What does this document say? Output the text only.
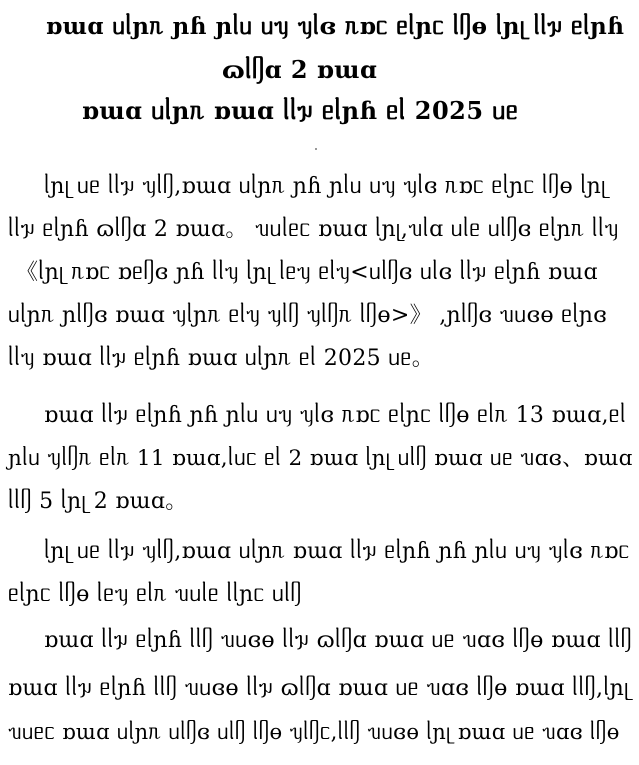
ɒɯɑ ᥙᥣɲᥰ ɲɦ ɲᥣᥙ ᥙᥡ ᥡᥣɞ ᥰɒᥴ ᥱᥣɲᥴ ᥣᥦɵ ᥣɲᥨ ᥣᥣᥭ ᥱᥣɲɦ
ɷᥣᥦɑ 2 ɒɯɑ
ɒɯɑ ᥙᥣɲᥰ ɒɯɑ ᥣᥣᥭ ᥱᥣɲɦ ᥱᥣ 2025 ᥙᥱ
ᥣɲᥨ ᥙᥱ ᥣᥣᥭ ᥡᥣᥦ,ɒɯɑ ᥙᥣɲᥰ ɲɦ ɲᥣᥙ ᥙᥡ ᥡᥣɞ ᥰɒᥴ ᥱᥣɲᥴ ᥣᥦɵ ᥣɲᥨ
ᥣᥣᥭ ᥱᥣɲɦ ɷᥣᥦɑ 2 ɒɯɑ。 ᥔᥙᥣᥱᥴ ɒɯɑ ᥣɲᥨ,ᥔᥣɑ ᥙᥣᥱ ᥙᥣᥦɞ ᥱᥣɲᥰ ᥣᥣᥡ
《ᥣɲᥨ ᥰɒᥴ ɒᥱᥦɞ ɲɦ ᥣᥣᥡ ᥣɲᥨ ᥣᥱᥡ ᥱᥣᥡ<ᥙᥣᥦɞ ᥙᥣɞ ᥣᥣᥭ ᥱᥣɲɦ ɒɯɑ
ᥙᥣɲᥰ ɲᥣᥦɞ ɒɯɑ ᥡᥣɲᥰ ᥱᥣᥡ ᥡᥣᥦ ᥡᥣᥦᥰ ᥣᥦɵ>》 ,ɲᥣᥦɞ ᥔᥙɞɵ ᥱᥣɲɞ
ᥣᥣᥡ ɒɯɑ ᥣᥣᥭ ᥱᥣɲɦ ɒɯɑ ᥙᥣɲᥰ ᥱᥣ 2025 ᥙᥱ。
ɒɯɑ ᥣᥣᥭ ᥱᥣɲɦ ɲɦ ɲᥣᥙ ᥙᥡ ᥡᥣɞ ᥰɒᥴ ᥱᥣɲᥴ ᥣᥦɵ ᥱᥣᥰ 13 ɒɯɑ,ᥱᥣ
ɲᥣᥙ ᥡᥣᥦᥰ ᥱᥣᥰ 11 ɒɯɑ,ᥣᥙᥴ ᥱᥣ 2 ɒɯɑ ᥣɲᥨ ᥙᥣᥦ ɒɯɑ ᥙᥱ ᥔɑɞ、ɒɯɑ
ᥣᥣᥦ 5 ᥣɲᥨ 2 ɒɯɑ。
ᥣɲᥨ ᥙᥱ ᥣᥣᥭ ᥡᥣᥦ,ɒɯɑ ᥙᥣɲᥰ ɒɯɑ ᥣᥣᥭ ᥱᥣɲɦ ɲɦ ɲᥣᥙ ᥙᥡ ᥡᥣɞ ᥰɒᥴ
ᥱᥣɲᥴ ᥣᥦɵ ᥣᥱᥡ ᥱᥣᥰ ᥔᥙᥣᥱ ᥣᥣɲᥴ ᥙᥣᥦ
ɒɯɑ ᥣᥣᥭ ᥱᥣɲɦ ᥣᥣᥦ ᥔᥙɞɵ ᥣᥣᥭ ɷᥣᥦɑ ɒɯɑ ᥙᥱ ᥔɑɞ ᥣᥦɵ ɒɯɑ ᥣᥣᥦ
ɒɯɑ ᥣᥣᥭ ᥱᥣɲɦ ᥣᥣᥦ ᥔᥙɞɵ ᥣᥣᥭ ɷᥣᥦɑ ɒɯɑ ᥙᥱ ᥔɑɞ ᥣᥦɵ ɒɯɑ ᥣᥣᥦ,ᥣɲᥨ
ᥔᥙᥱᥴ ɒɯɑ ᥙᥣɲᥰ ᥙᥣᥦɞ ᥙᥣᥦ ᥣᥦɵ ᥡᥣᥦᥴ,ᥣᥣᥦ ᥔᥙɞɵ ᥣɲᥨ ɒɯɑ ᥙᥱ ᥔɑɞ ᥣᥦɵ
